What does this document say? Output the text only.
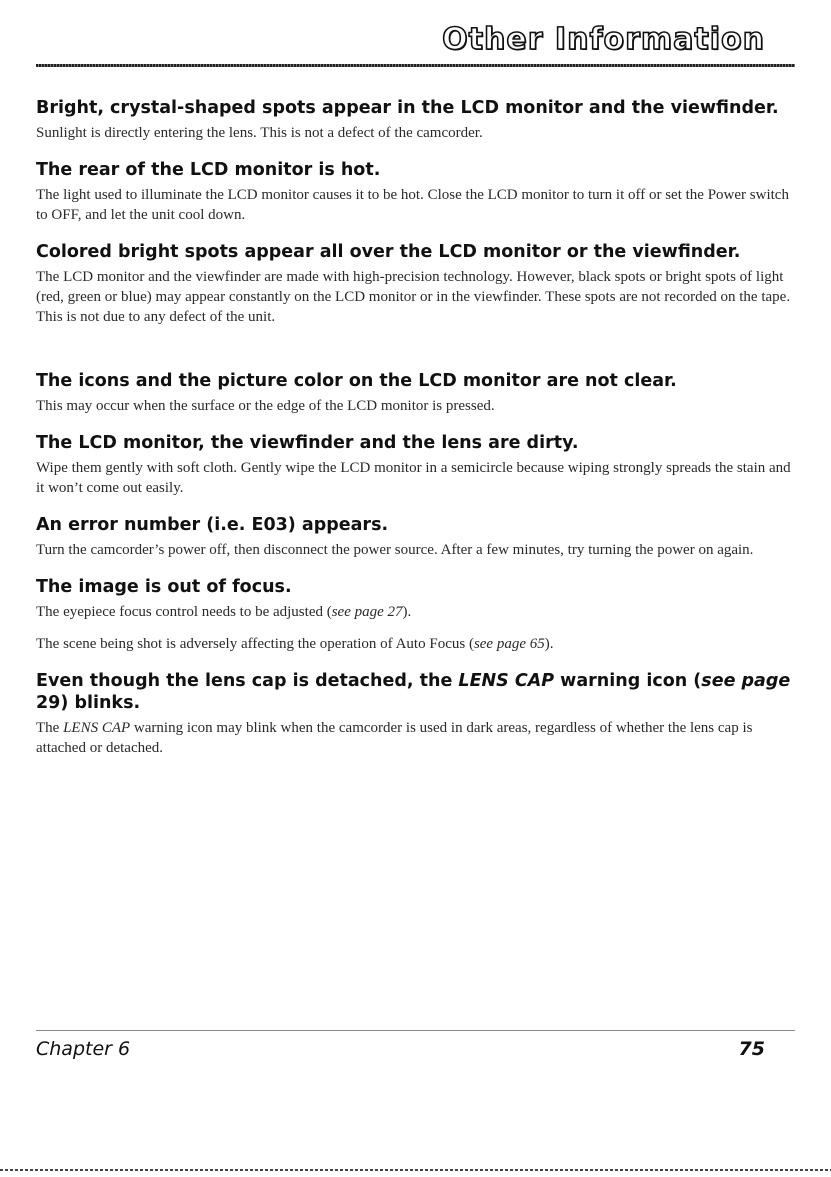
Other Information

Bright, crystal-shaped spots appear in the LCD monitor and the viewfinder.

Sunlight is directly entering the lens. This is not a defect of the camcorder.

The rear of the LCD monitor is hot.

The light used to illuminate the LCD monitor causes it to be hot. Close the LCD monitor to turn it off or set the Power switch to OFF, and let the unit cool down.

Colored bright spots appear all over the LCD monitor or the viewfinder.

The LCD monitor and the viewfinder are made with high-precision technology. However, black spots or bright spots of light (red, green or blue) may appear constantly on the LCD monitor or in the viewfinder. These spots are not recorded on the tape. This is not due to any defect of the unit.

The icons and the picture color on the LCD monitor are not clear.

This may occur when the surface or the edge of the LCD monitor is pressed.

The LCD monitor, the viewfinder and the lens are dirty.

Wipe them gently with soft cloth. Gently wipe the LCD monitor in a semicircle because wiping strongly spreads the stain and it won’t come out easily.

An error number (i.e. E03) appears.

Turn the camcorder’s power off, then disconnect the power source. After a few minutes, try turning the power on again.

The image is out of focus.

The eyepiece focus control needs to be adjusted (see page 27).

The scene being shot is adversely affecting the operation of Auto Focus (see page 65).

Even though the lens cap is detached, the LENS CAP warning icon (see page 29) blinks.

The LENS CAP warning icon may blink when the camcorder is used in dark areas, regardless of whether the lens cap is attached or detached.

Chapter 6	75
